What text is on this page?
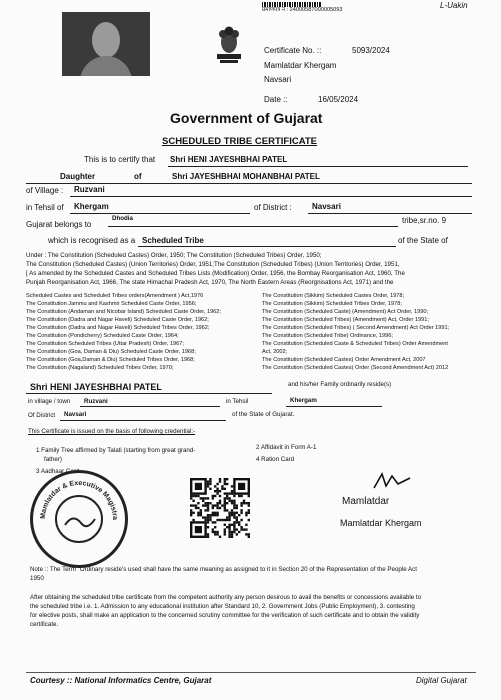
L-Uakin
प्रमाणपत्र नं : 24000587000005093
Certificate No. ::	5093/2024
Mamlatdar Khergam
Navsari
Date ::	16/05/2024
Government of Gujarat
SCHEDULED TRIBE CERTIFICATE
This is to certify that Shri HENI JAYESHBHAI PATEL
Daughter	of	Shri JAYESHBHAI MOHANBHAI PATEL
of Village : Ruzvani
in Tehsil of Khergam	of District :	Navsari
Gujarat belongs to
Dhodia	tribe,sr.no. 9
which is recognised as a Scheduled Tribe	of the State of
Under : The Constitution (Scheduled Castes) Order, 1950; The Constitution (Scheduled Tribes) Order, 1950;
The Constitution (Scheduled Castes) (Union Territories) Order, 1951;The Constitution (Scheduled Tribes) (Union Territories) Order, 1951,
[ As amended by the Scheduled Castes and Scheduled Tribes Lists (Modification) Order, 1956, the Bombay Reorganisation Act, 1960, The
Punjab Reorganisation Act, 1966, The state Himachal Pradesh Act, 1970, The North Eastern Areas (Reorgnisations Act, 1971) and the
Scheduled Castes and Scheduled Tribes orders(Amendment ) Act,1976
The Constitution Jammu and Kashmir Scheduled Caste Order, 1956;
The Constitution (Andaman and Nicobar Island) Scheduled Caste Order, 1962;
The Constitution (Dadra and Nagar Haveli) Scheduled Caste Order, 1962;
The Constitution (Dadra and Nagar Haveli) Scheduled Tribes Order, 1962;
The Constitution (Pondicherry) Scheduled Caste Order, 1964;
The Constitution Scheduled Tribes (Uttar Pradesh) Order, 1967;
The Constitution (Goa, Daman & Diu) Scheduled Caste Order, 1968;
The Constitution (Goa,Daman & Diu) Scheduled Tribes Order, 1968;
The Constitution (Nagaland) Scheduled Tribes Order, 1970;
The Constitution (Sikkim) Scheduled Castes Order, 1978;
The Constitution (Sikkim) Scheduled Tribes Order, 1978;
The Constitution (Scheduled Caste) (Amendment) Act Order, 1990;
The Constitution (Scheduled Tribes) (Amendment) Act, Order 1991;
The Constitution (Scheduled Tribes) ( Second Amendment) Act Order 1991;
The Constitution (Scheduled Tribe) Ordinance, 1996;
The Constitution (Scheduled Caste & Scheduled Tribes) Order Amendment
Act, 2002;
The Constitution (Scheduled Castes) Order Amendment Act, 2007
The Constitution (Scheduled Castes) Order (Second Amendment Act) 2012
Shri HENI JAYESHBHAI PATEL	and his/her Family ordinarily reside(s)
in village / town Ruzvani	in Tehsil	Khergam
Of District Navsari	of the State of Gujarat.
This Certificate is issued on the basis of following credential:-
1 Family Tree affirmed by Talati (starting from great grand-
father)
3 Aadhaar Card
2 Affidavit in Form A-1
4 Ration Card
Mamlatdar & Executive Magistra
Mamlatdar
Mamlatdar Khergam
Note :: The Term "Ordinary reside's used shall have the same meaning as assigned to it in Section 20 of the Representation of the People Act
1950
After obtaining the scheduled tribe certificate from the competent authority any person desirous to avail the benefits or concessions available to
the scheduled tribe i.e. 1. Admission to any educational institution after Standard 10, 2. Government Jobs (Public Employment), 3. contesting
for elective posts, shall make an application to the concerned scrutiny committee for the verification of such certificate and to obtain the validity
certificate.
Courtesy :: National Informatics Centre, Gujarat	Digital Gujarat
